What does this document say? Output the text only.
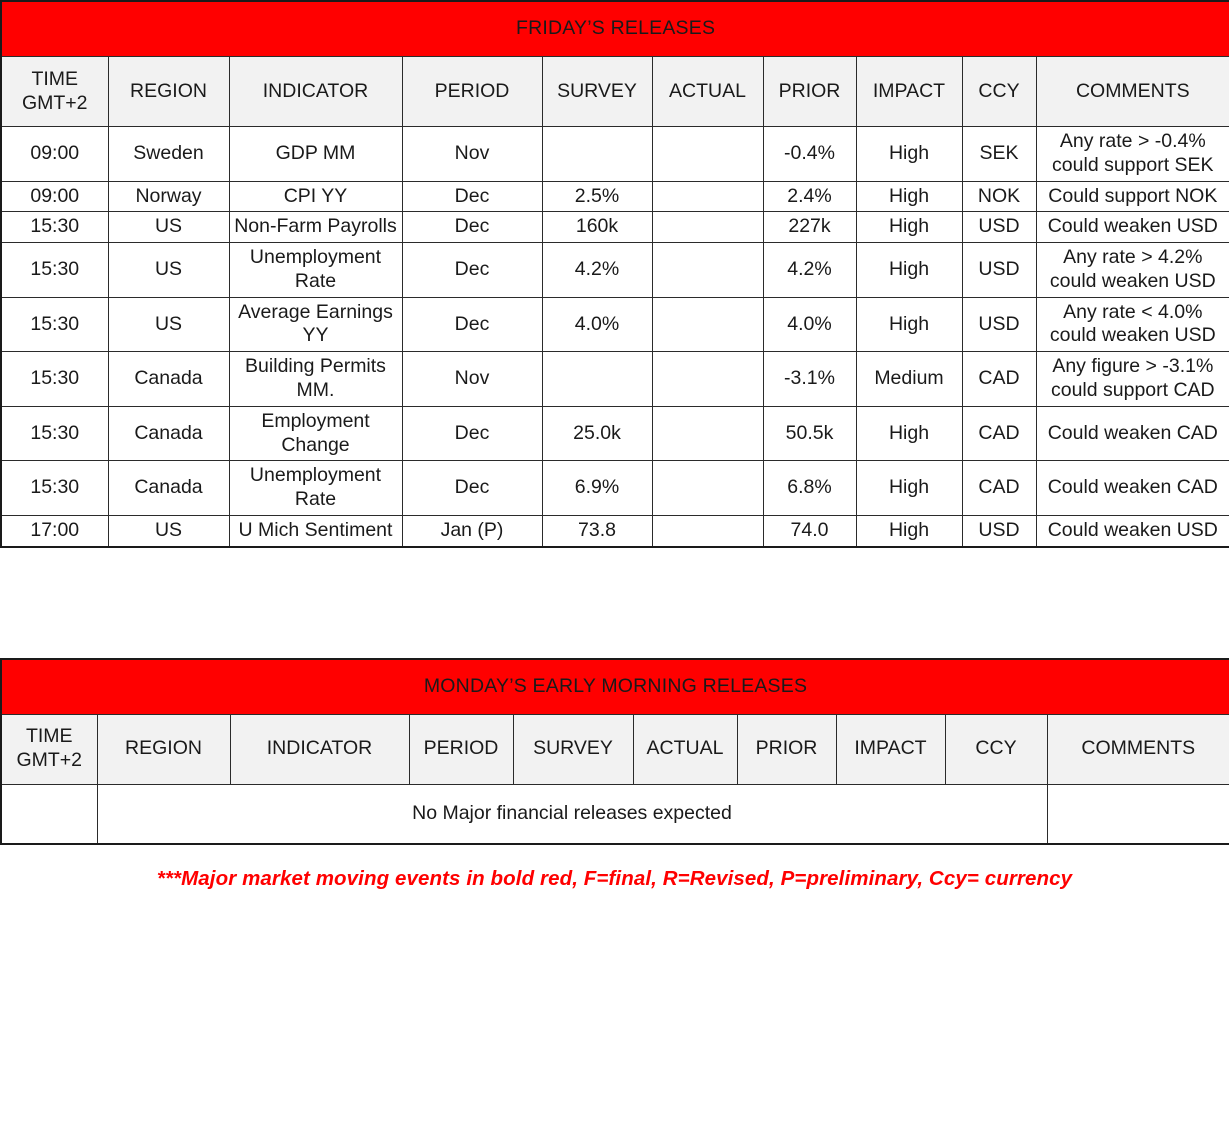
FRIDAY’S RELEASES									
TIME
GMT+2	REGION	INDICATOR	PERIOD	SURVEY	ACTUAL	PRIOR	IMPACT	CCY	COMMENTS
09:00	Sweden	GDP MM	Nov			-0.4%	High	SEK	Any rate > -0.4% could support SEK
09:00	Norway	CPI YY	Dec	2.5%		2.4%	High	NOK	Could support NOK
15:30	US	Non-Farm Payrolls	Dec	160k		227k	High	USD	Could weaken USD
15:30	US	Unemployment Rate	Dec	4.2%		4.2%	High	USD	Any rate > 4.2% could weaken USD
15:30	US	Average Earnings YY	Dec	4.0%		4.0%	High	USD	Any rate < 4.0% could weaken USD
15:30	Canada	Building Permits MM.	Nov			-3.1%	Medium	CAD	Any figure > -3.1% could support CAD
15:30	Canada	Employment Change	Dec	25.0k		50.5k	High	CAD	Could weaken CAD
15:30	Canada	Unemployment Rate	Dec	6.9%		6.8%	High	CAD	Could weaken CAD
17:00	US	U Mich Sentiment	Jan (P)	73.8		74.0	High	USD	Could weaken USD
MONDAY’S EARLY MORNING RELEASES									
TIME
GMT+2	REGION	INDICATOR	PERIOD	SURVEY	ACTUAL	PRIOR	IMPACT	CCY	COMMENTS
	No Major financial releases expected								
***Major market moving events in bold red, F=final, R=Revised, P=preliminary, Ccy= currency
